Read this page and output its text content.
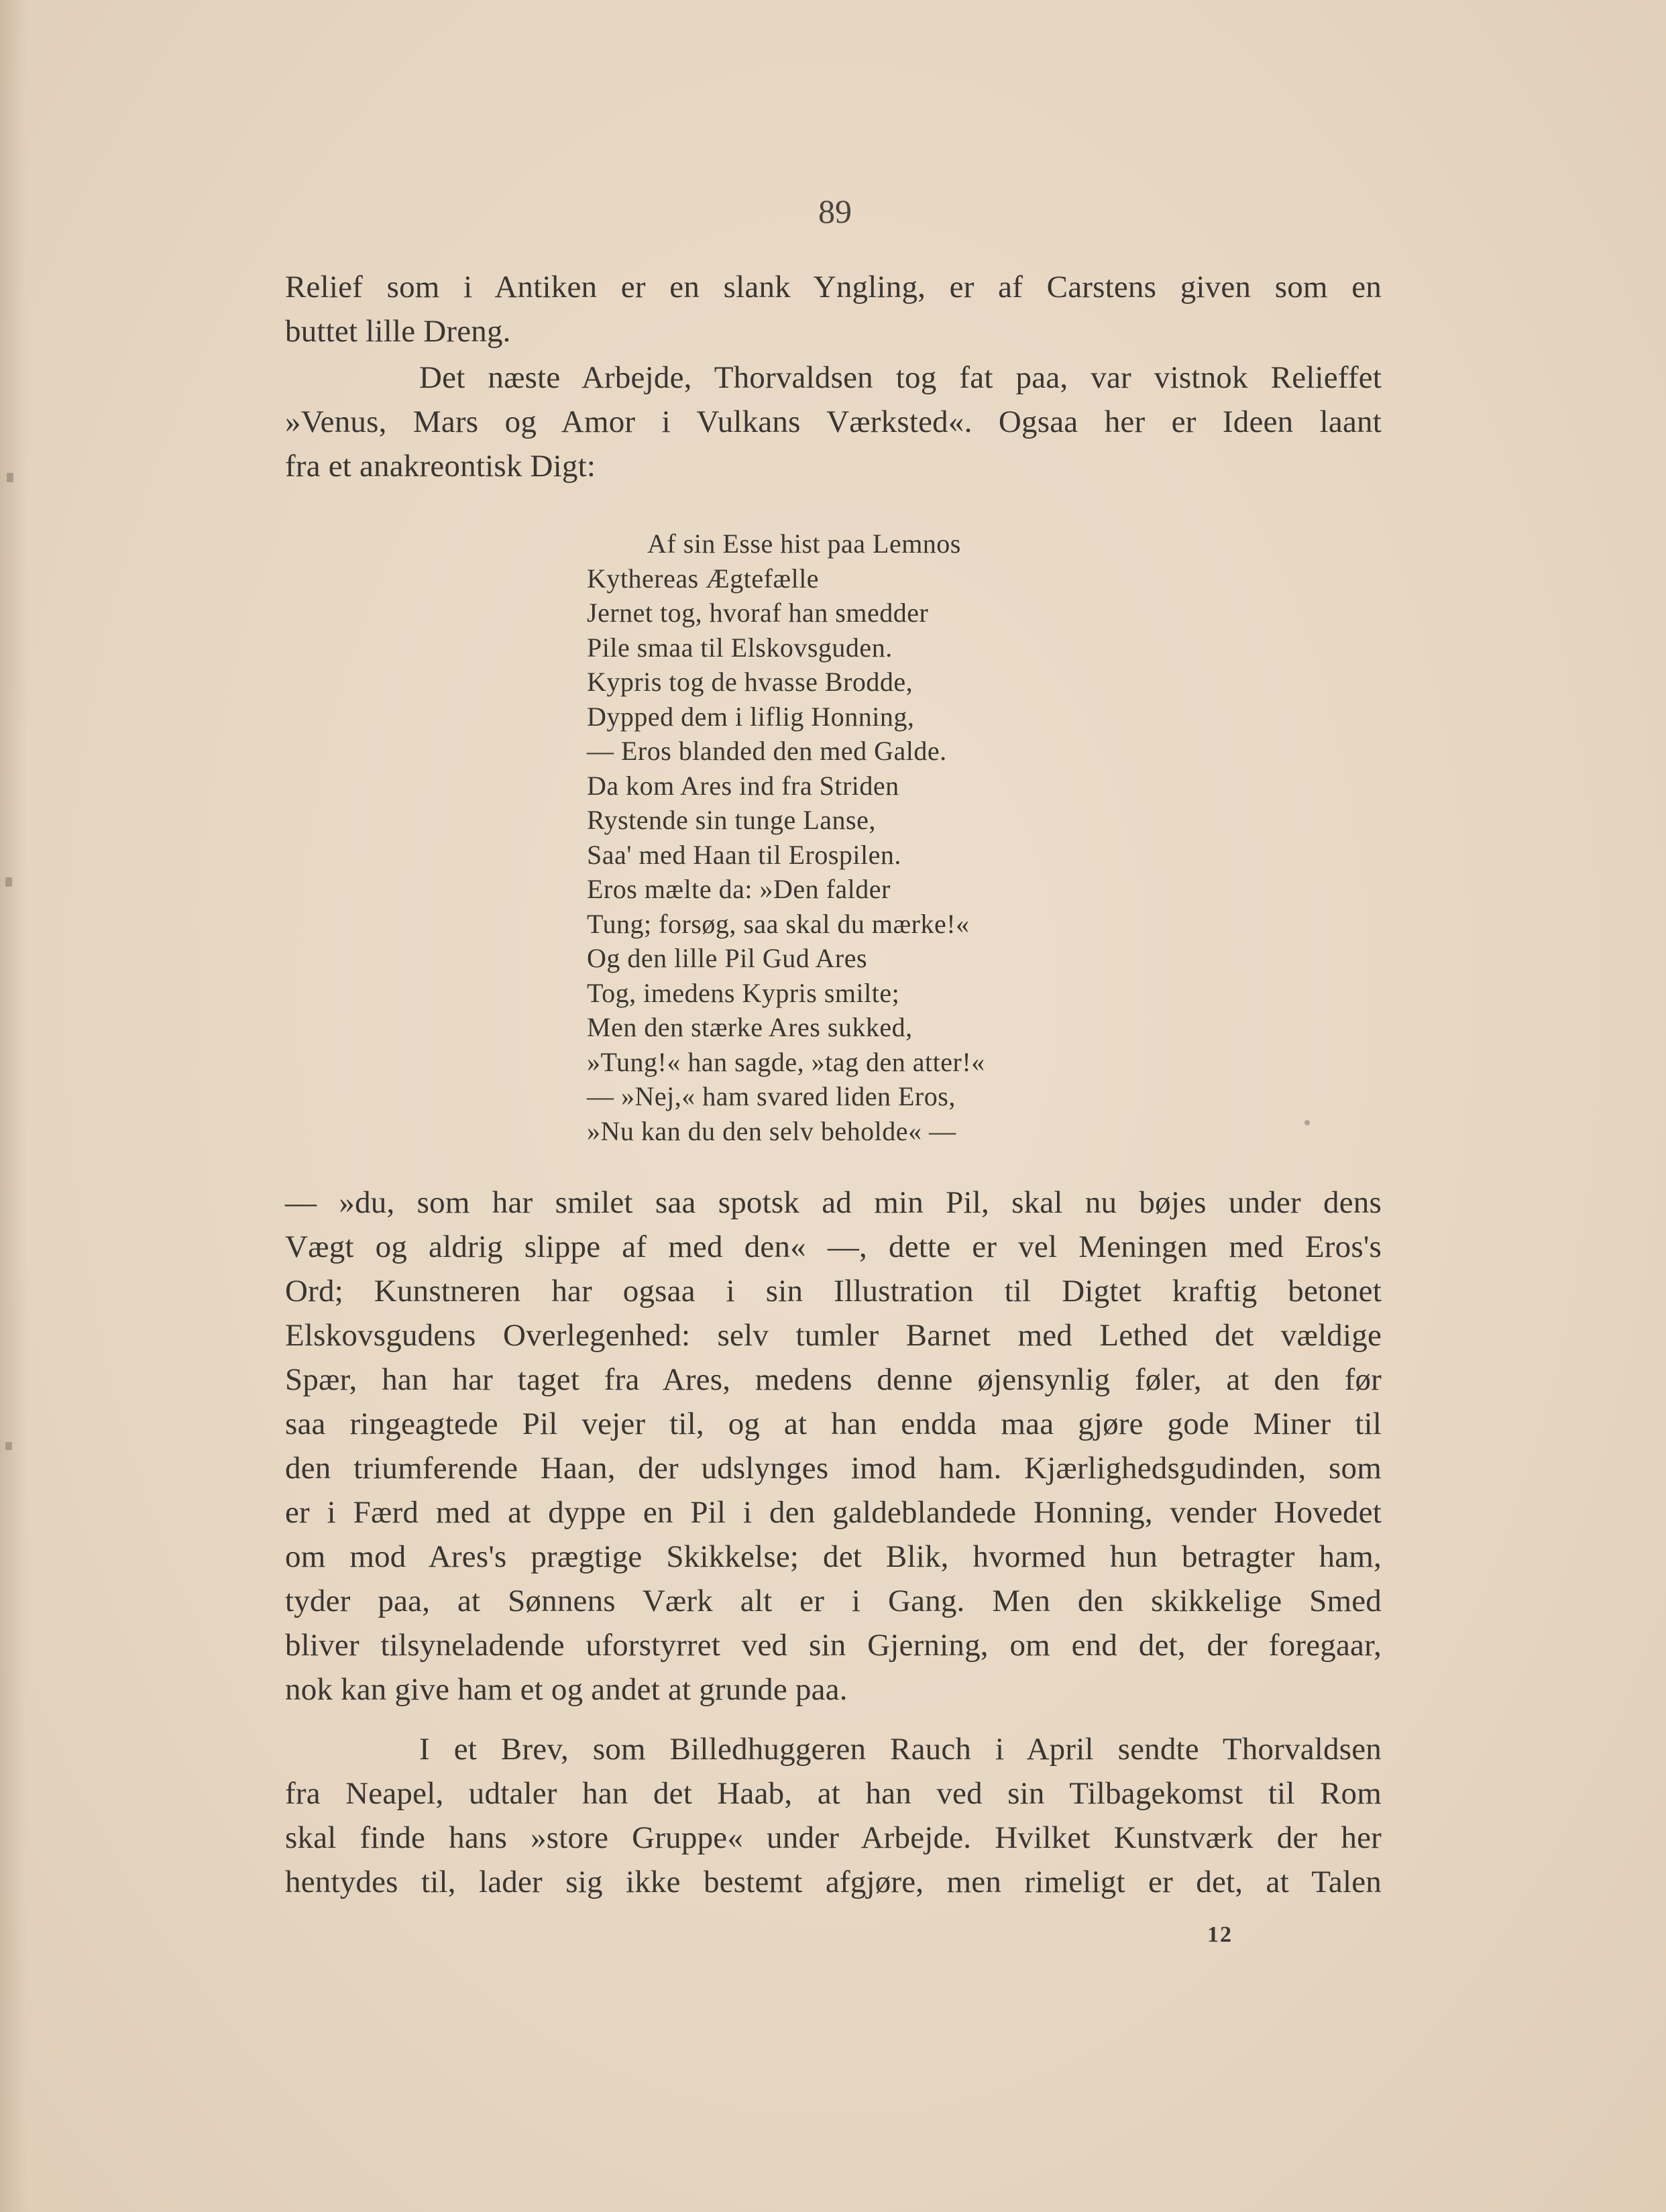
89
Relief som i Antiken er en slank Yngling, er af Carstens given som en
buttet lille Dreng.
Det næste Arbejde, Thorvaldsen tog fat paa, var vistnok Relieffet
»Venus, Mars og Amor i Vulkans Værksted«. Ogsaa her er Ideen laant
fra et anakreontisk Digt:
Af sin Esse hist paa Lemnos
Kythereas Ægtefælle
Jernet tog, hvoraf han smedder
Pile smaa til Elskovsguden.
Kypris tog de hvasse Brodde,
Dypped dem i liflig Honning,
— Eros blanded den med Galde.
Da kom Ares ind fra Striden
Rystende sin tunge Lanse,
Saa' med Haan til Erospilen.
Eros mælte da: »Den falder
Tung; forsøg, saa skal du mærke!«
Og den lille Pil Gud Ares
Tog, imedens Kypris smilte;
Men den stærke Ares sukked,
»Tung!« han sagde, »tag den atter!«
— »Nej,« ham svared liden Eros,
»Nu kan du den selv beholde« —
— »du, som har smilet saa spotsk ad min Pil, skal nu bøjes under dens
Vægt og aldrig slippe af med den« —, dette er vel Meningen med Eros's
Ord; Kunstneren har ogsaa i sin Illustration til Digtet kraftig betonet
Elskovsgudens Overlegenhed: selv tumler Barnet med Lethed det vældige
Spær, han har taget fra Ares, medens denne øjensynlig føler, at den før
saa ringeagtede Pil vejer til, og at han endda maa gjøre gode Miner til
den triumferende Haan, der udslynges imod ham. Kjærlighedsgudinden, som
er i Færd med at dyppe en Pil i den galdeblandede Honning, vender Hovedet
om mod Ares's prægtige Skikkelse; det Blik, hvormed hun betragter ham,
tyder paa, at Sønnens Værk alt er i Gang. Men den skikkelige Smed
bliver tilsyneladende uforstyrret ved sin Gjerning, om end det, der foregaar,
nok kan give ham et og andet at grunde paa.
I et Brev, som Billedhuggeren Rauch i April sendte Thorvaldsen
fra Neapel, udtaler han det Haab, at han ved sin Tilbagekomst til Rom
skal finde hans »store Gruppe« under Arbejde. Hvilket Kunstværk der her
hentydes til, lader sig ikke bestemt afgjøre, men rimeligt er det, at Talen
12
